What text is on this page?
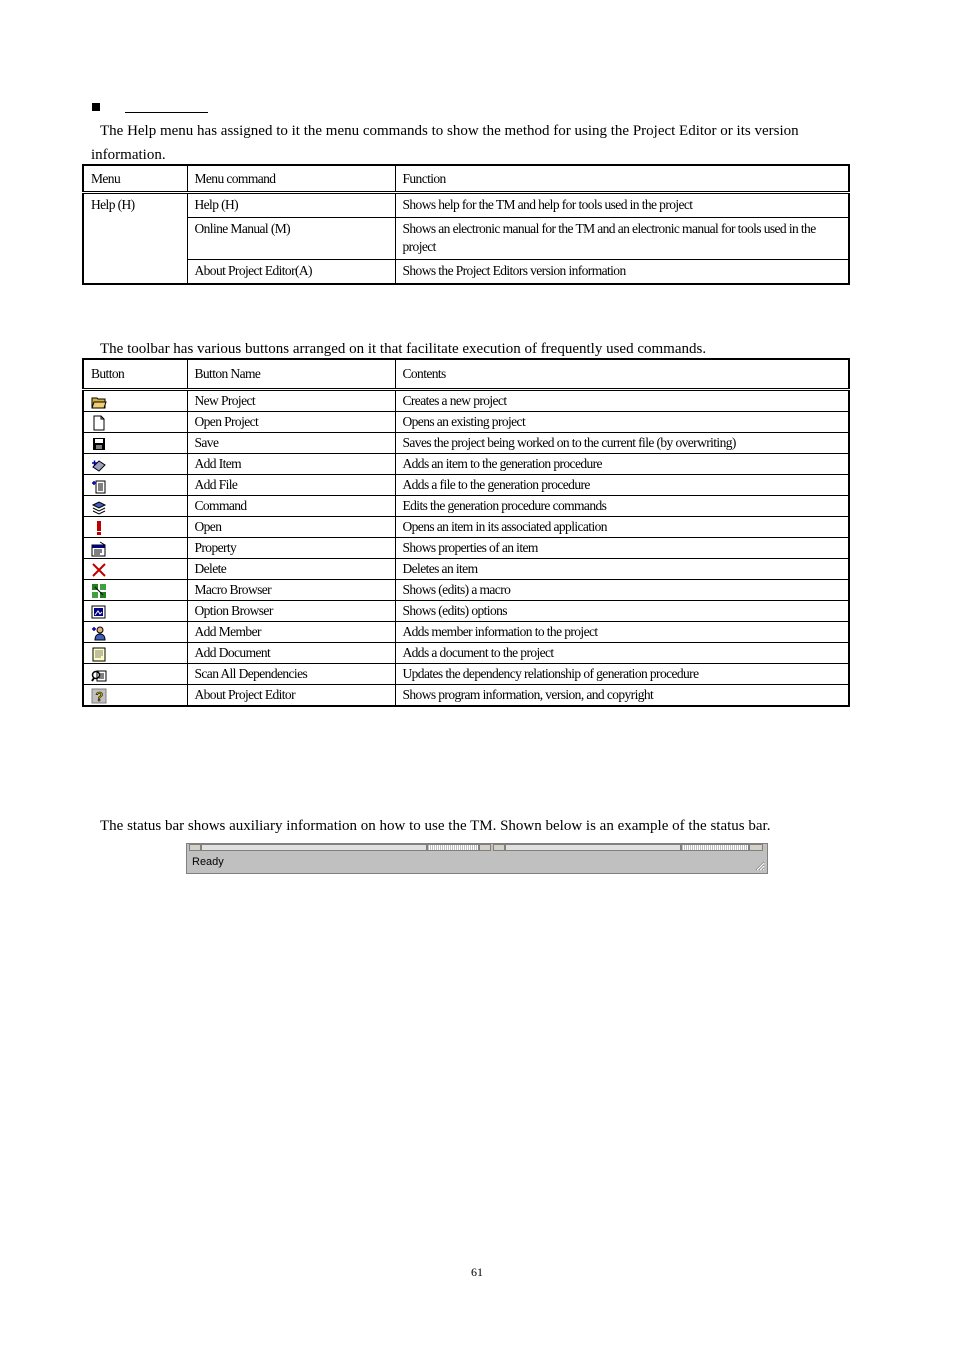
The Help menu has assigned to it the menu commands to show the method for using the Project Editor or its version information.
Menu	Menu command	Function
Help (H)	Help (H)	Shows help for the TM and help for tools used in the project
	Online Manual (M)	Shows an electronic manual for the TM and an electronic manual for tools used in the project
	About Project Editor(A)	Shows the Project Editors version information
The toolbar has various buttons arranged on it that facilitate execution of frequently used commands.
Button	Button Name	Contents
	New Project	Creates a new project
	Open Project	Opens an existing project
	Save	Saves the project being worked on to the current file (by overwriting)
	Add Item	Adds an item to the generation procedure
	Add File	Adds a file to the generation procedure
	Command	Edits the generation procedure commands
	Open	Opens an item in its associated application
	Property	Shows properties of an item
	Delete	Deletes an item
	Macro Browser	Shows (edits) a macro
	Option Browser	Shows (edits) options
	Add Member	Adds member information to the project
	Add Document	Adds a document to the project
	Scan All Dependencies	Updates the dependency relationship of generation procedure

?	About Project Editor	Shows program information, version, and copyright
The status bar shows auxiliary information on how to use the TM. Shown below is an example of the status bar.
Ready
61
